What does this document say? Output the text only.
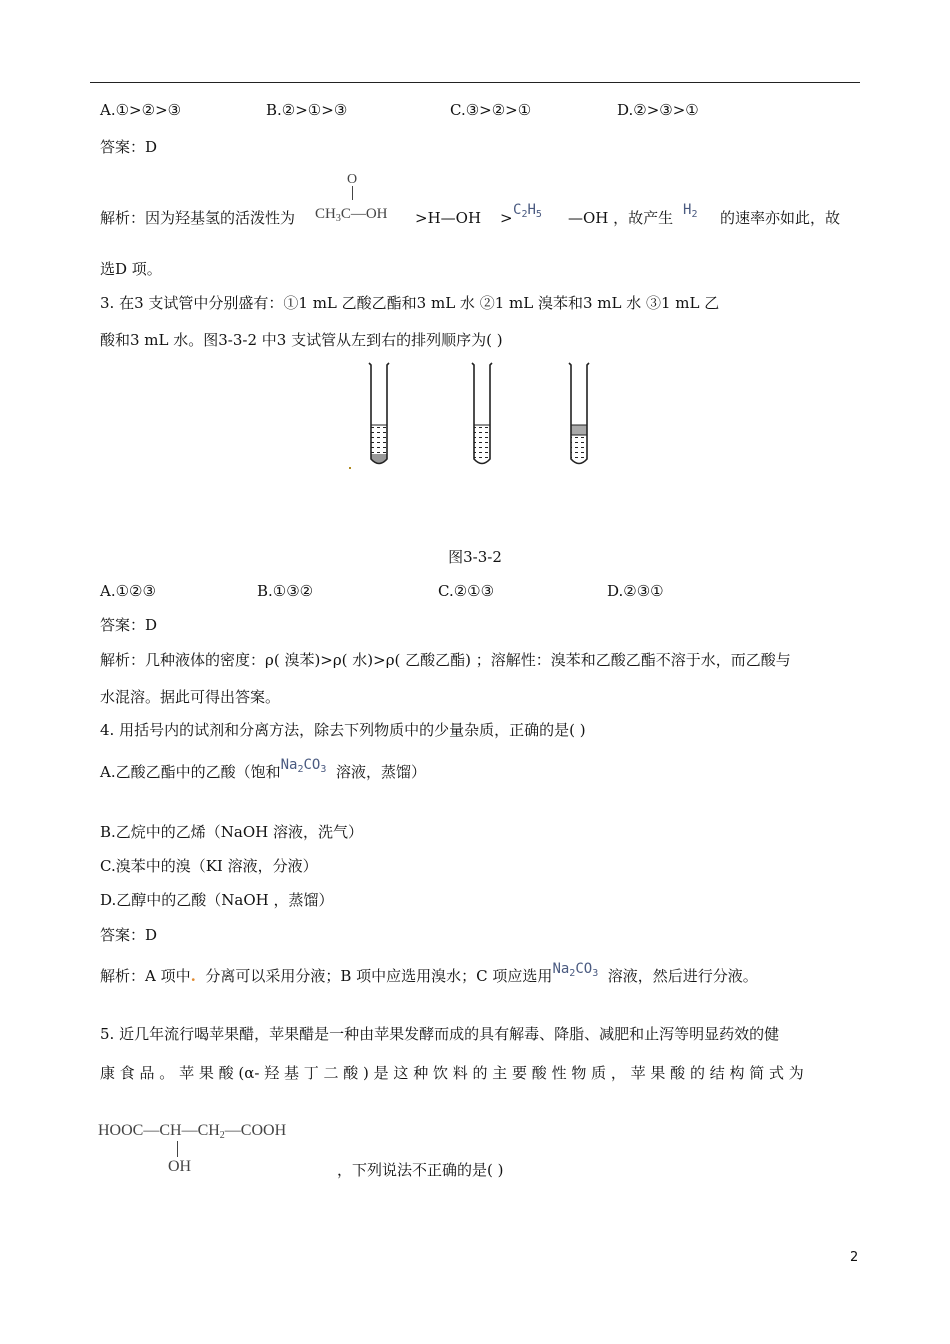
A.①>②>③	B.②>①>③	C.③>②>①	D.②>③>①
答案：D
解析：因为羟基氢的活泼性为
O
$CH_3C—OH$ >H—OH > $C_2H_5$ —OH ，故产生 $H_2$ 的速率亦如此，故
选D 项。
3. 在3 支试管中分别盛有：①1 mL 乙酸乙酯和3 mL 水 ②1 mL 溴苯和3 mL 水 ③1 mL 乙
酸和3 mL 水。图3-3-2 中3 支试管从左到右的排列顺序为( )
图3-3-2
A.①②③	B.①③②	C.②①③	D.②③①
答案：D
解析：几种液体的密度：ρ( 溴苯)>ρ( 水)>ρ( 乙酸乙酯) ；溶解性：溴苯和乙酸乙酯不溶于水，而乙酸与
水混溶。据此可得出答案。
4. 用括号内的试剂和分离方法，除去下列物质中的少量杂质，正确的是( )
A.乙酸乙酯中的乙酸（饱和$Na_2CO_3$ 溶液，蒸馏）
B.乙烷中的乙烯（NaOH 溶液，洗气）
C.溴苯中的溴（KI 溶液，分液）
D.乙醇中的乙酸（NaOH ，蒸馏）
答案：D
解析：A 项中. 分离可以采用分液；B 项中应选用溴水；C 项应选用$Na_2CO_3$ 溶液，然后进行分液。
5. 近几年流行喝苹果醋，苹果醋是一种由苹果发酵而成的具有解毒、降脂、减肥和止泻等明显药效的健
康 食 品 。 苹 果 酸 (α- 羟 基 丁 二 酸 ) 是 这 种 饮 料 的 主 要 酸 性 物 质 ， 苹 果 酸 的 结 构 简 式 为
$HOOC—CH—CH_2—COOH$
OH	，下列说法不正确的是( )
2
